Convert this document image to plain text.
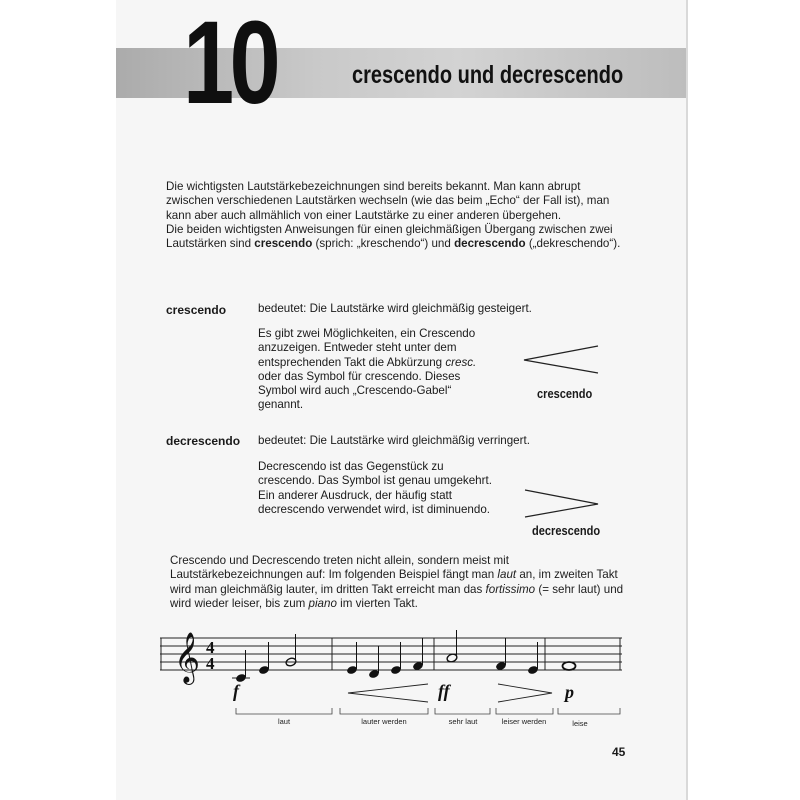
10	crescendo und decrescendo

Die wichtigsten Lautstärkebezeichnungen sind bereits bekannt. Man kann abrupt zwischen verschiedenen Lautstärken wechseln (wie das beim „Echo“ der Fall ist), man kann aber auch allmählich von einer Lautstärke zu einer anderen übergehen.
Die beiden wichtigsten Anweisungen für einen gleichmäßigen Übergang zwischen zwei Lautstärken sind crescendo (sprich: „kreschendo“) und decrescendo („dekreschendo“).

crescendo	bedeutet: Die Lautstärke wird gleichmäßig gesteigert.

Es gibt zwei Möglichkeiten, ein Crescendo anzuzeigen. Entweder steht unter dem entsprechenden Takt die Abkürzung cresc. oder das Symbol für crescendo. Dieses Symbol wird auch „Crescendo-Gabel“ genannt.

crescendo
decrescendo bedeutet: Die Lautstärke wird gleichmäßig verringert.

Decrescendo ist das Gegenstück zu crescendo. Das Symbol ist genau umgekehrt. Ein anderer Ausdruck, der häufig statt decrescendo verwendet wird, ist diminuendo.

decrescendo

Crescendo und Decrescendo treten nicht allein, sondern meist mit Lautstärkebezeichnungen auf: Im folgenden Beispiel fängt man laut an, im zweiten Takt wird man gleichmäßig lauter, im dritten Takt erreicht man das fortissimo (= sehr laut) und wird wieder leiser, bis zum piano im vierten Takt.

𝄞 4
4
f	ff	p
laut	lauter werden	sehr laut	leiser werden	leise
45
